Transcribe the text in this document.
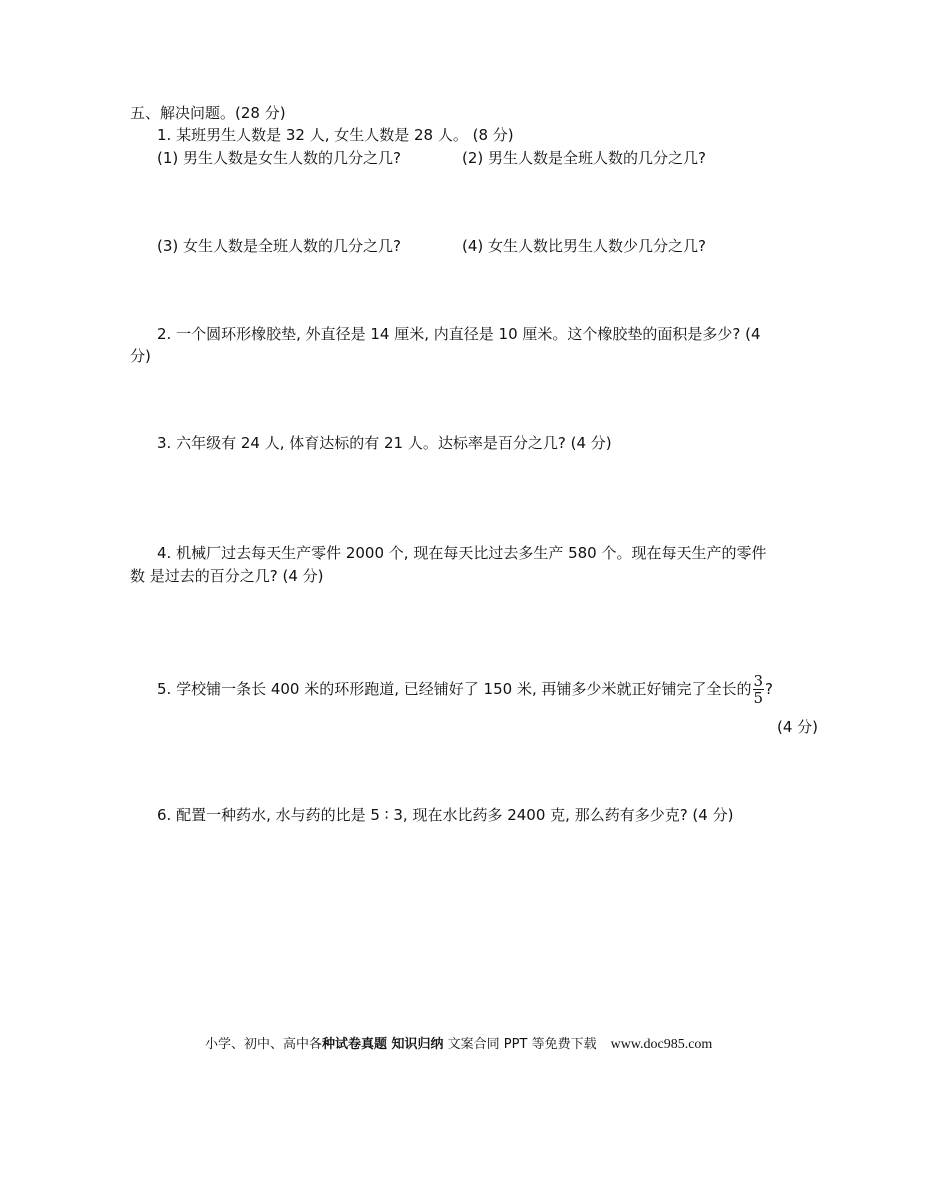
五、解决问题。(28 分)
1. 某班男生人数是 32 人, 女生人数是 28 人。 (8 分)
(1) 男生人数是女生人数的几分之几?	(2) 男生人数是全班人数的几分之几?
(3) 女生人数是全班人数的几分之几?	(4) 女生人数比男生人数少几分之几?
2. 一个圆环形橡胶垫, 外直径是 14 厘米, 内直径是 10 厘米。这个橡胶垫的面积是多少? (4
分)
3. 六年级有 24 人, 体育达标的有 21 人。达标率是百分之几? (4 分)
4. 机械厂过去每天生产零件 2000 个, 现在每天比过去多生产 580 个。现在每天生产的零件
数 是过去的百分之几? (4 分)
5. 学校铺一条长 400 米的环形跑道, 已经铺好了 150 米, 再铺多少米就正好铺完了全长的 $\frac{3}{5}$ ?
(4 分)
6. 配置一种药水, 水与药的比是 5 ∶ 3, 现在水比药多 2400 克, 那么药有多少克? (4 分)
小学、初中、高中各种试卷真题 知识归纳 文案合同 PPT 等免费下载 www.doc985.com
